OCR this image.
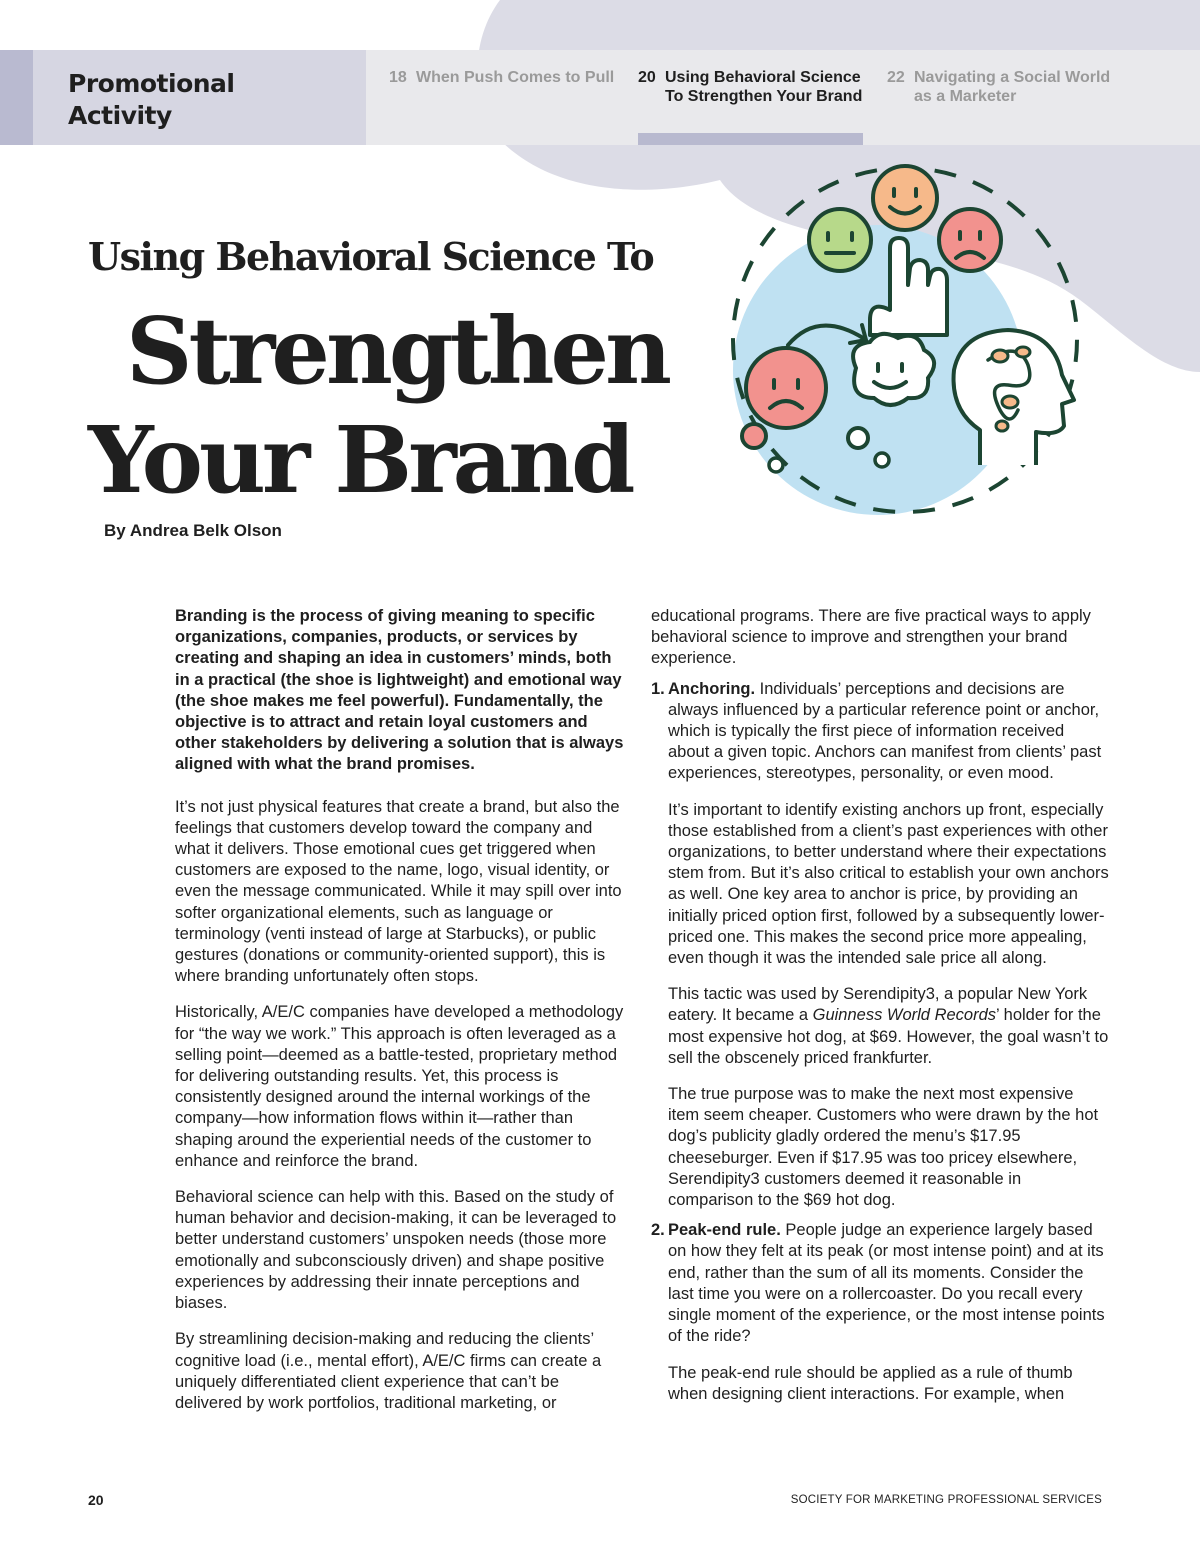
Promotional
Activity
18 When Push Comes to Pull 20 Using Behavioral Science
To Strengthen Your Brand
22 Navigating a Social World
as a Marketer
Using Behavioral Science To
Strengthen
Your Brand
By Andrea Belk Olson

Branding is the process of giving meaning to specific organizations, companies, products, or services by creating and shaping an idea in customers’ minds, both in a practical (the shoe is lightweight) and emotional way (the shoe makes me feel powerful). Fundamentally, the objective is to attract and retain loyal customers and other stakeholders by delivering a solution that is always aligned with what the brand promises.

It’s not just physical features that create a brand, but also the feelings that customers develop toward the company and what it delivers. Those emotional cues get triggered when customers are exposed to the name, logo, visual identity, or even the message communicated. While it may spill over into softer organizational elements, such as language or terminology (venti instead of large at Starbucks), or public gestures (donations or community-oriented support), this is where branding unfortunately often stops.

Historically, A/E/C companies have developed a methodology for “the way we work.” This approach is often leveraged as a selling point—deemed as a battle-tested, proprietary method for delivering outstanding results. Yet, this process is consistently designed around the internal workings of the company—how information flows within it—rather than shaping around the experiential needs of the customer to enhance and reinforce the brand.

Behavioral science can help with this. Based on the study of human behavior and decision-making, it can be leveraged to better understand customers’ unspoken needs (those more emotionally and subconsciously driven) and shape positive experiences by addressing their innate perceptions and biases.

By streamlining decision-making and reducing the clients’ cognitive load (i.e., mental effort), A/E/C firms can create a uniquely differentiated client experience that can’t be delivered by work portfolios, traditional marketing, or

educational programs. There are five practical ways to apply behavioral science to improve and strengthen your brand experience.

1. Anchoring. Individuals’ perceptions and decisions are always influenced by a particular reference point or anchor, which is typically the first piece of information received about a given topic. Anchors can manifest from clients’ past experiences, stereotypes, personality, or even mood.

It’s important to identify existing anchors up front, especially those established from a client’s past experiences with other organizations, to better understand where their expectations stem from. But it’s also critical to establish your own anchors as well. One key area to anchor is price, by providing an initially priced option first, followed by a subsequently lower-priced one. This makes the second price more appealing, even though it was the intended sale price all along.

This tactic was used by Serendipity3, a popular New York eatery. It became a Guinness World Records’ holder for the most expensive hot dog, at $69. However, the goal wasn’t to sell the obscenely priced frankfurter.

The true purpose was to make the next most expensive item seem cheaper. Customers who were drawn by the hot dog’s publicity gladly ordered the menu’s $17.95 cheeseburger. Even if $17.95 was too pricey elsewhere, Serendipity3 customers deemed it reasonable in comparison to the $69 hot dog.

2. Peak-end rule. People judge an experience largely based on how they felt at its peak (or most intense point) and at its end, rather than the sum of all its moments. Consider the last time you were on a rollercoaster. Do you recall every single moment of the experience, or the most intense points of the ride?

The peak-end rule should be applied as a rule of thumb when designing client interactions. For example, when

20	SOCIETY FOR MARKETING PROFESSIONAL SERVICES
